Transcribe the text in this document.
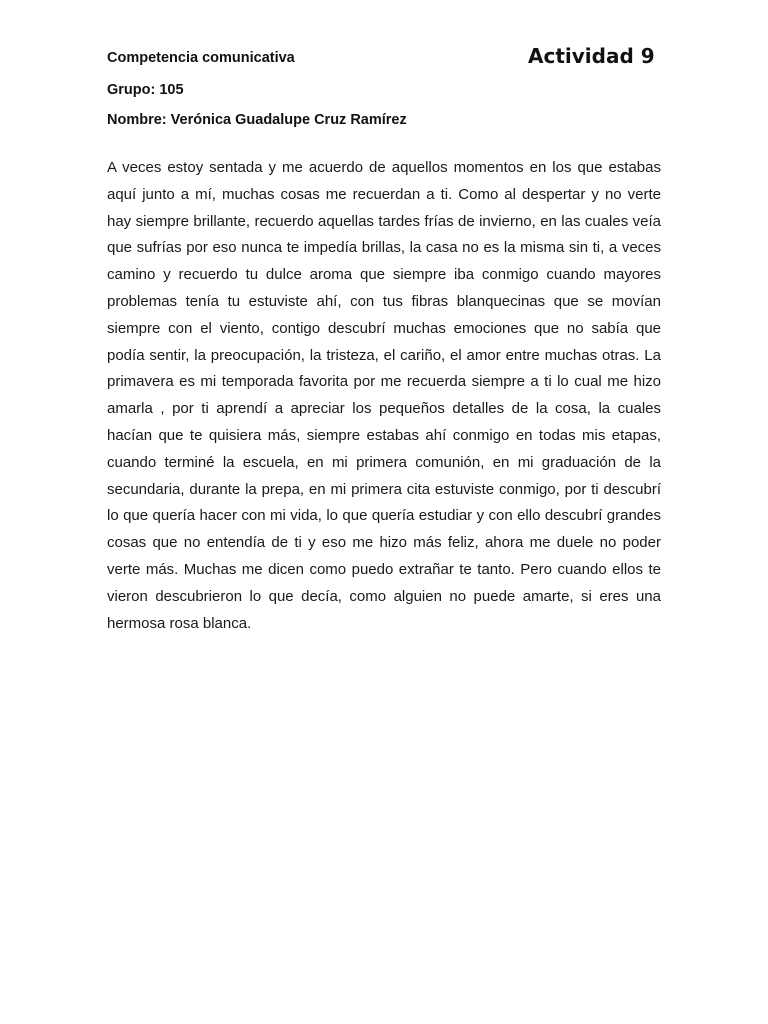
Competencia comunicativa	Actividad 9
Grupo: 105
Nombre: Verónica Guadalupe Cruz Ramírez

A veces estoy sentada y me acuerdo de aquellos momentos en los que estabas aquí junto a mí, muchas cosas me recuerdan a ti. Como al despertar y no verte hay siempre brillante, recuerdo aquellas tardes frías de invierno, en las cuales veía que sufrías por eso nunca te impedía brillas, la casa no es la misma sin ti, a veces camino y recuerdo tu dulce aroma que siempre iba conmigo cuando mayores problemas tenía tu estuviste ahí, con tus fibras blanquecinas que se movían siempre con el viento, contigo descubrí muchas emociones que no sabía que podía sentir, la preocupación, la tristeza, el cariño, el amor entre muchas otras. La primavera es mi temporada favorita por me recuerda siempre a ti lo cual me hizo amarla , por ti aprendí a apreciar los pequeños detalles de la cosa, la cuales hacían que te quisiera más, siempre estabas ahí conmigo en todas mis etapas, cuando terminé la escuela, en mi primera comunión, en mi graduación de la secundaria, durante la prepa, en mi primera cita estuviste conmigo, por ti descubrí lo que quería hacer con mi vida, lo que quería estudiar y con ello descubrí grandes cosas que no entendía de ti y eso me hizo más feliz, ahora me duele no poder verte más. Muchas me dicen como puedo extrañar te tanto. Pero cuando ellos te vieron descubrieron lo que decía, como alguien no puede amarte, si eres una hermosa rosa blanca.
